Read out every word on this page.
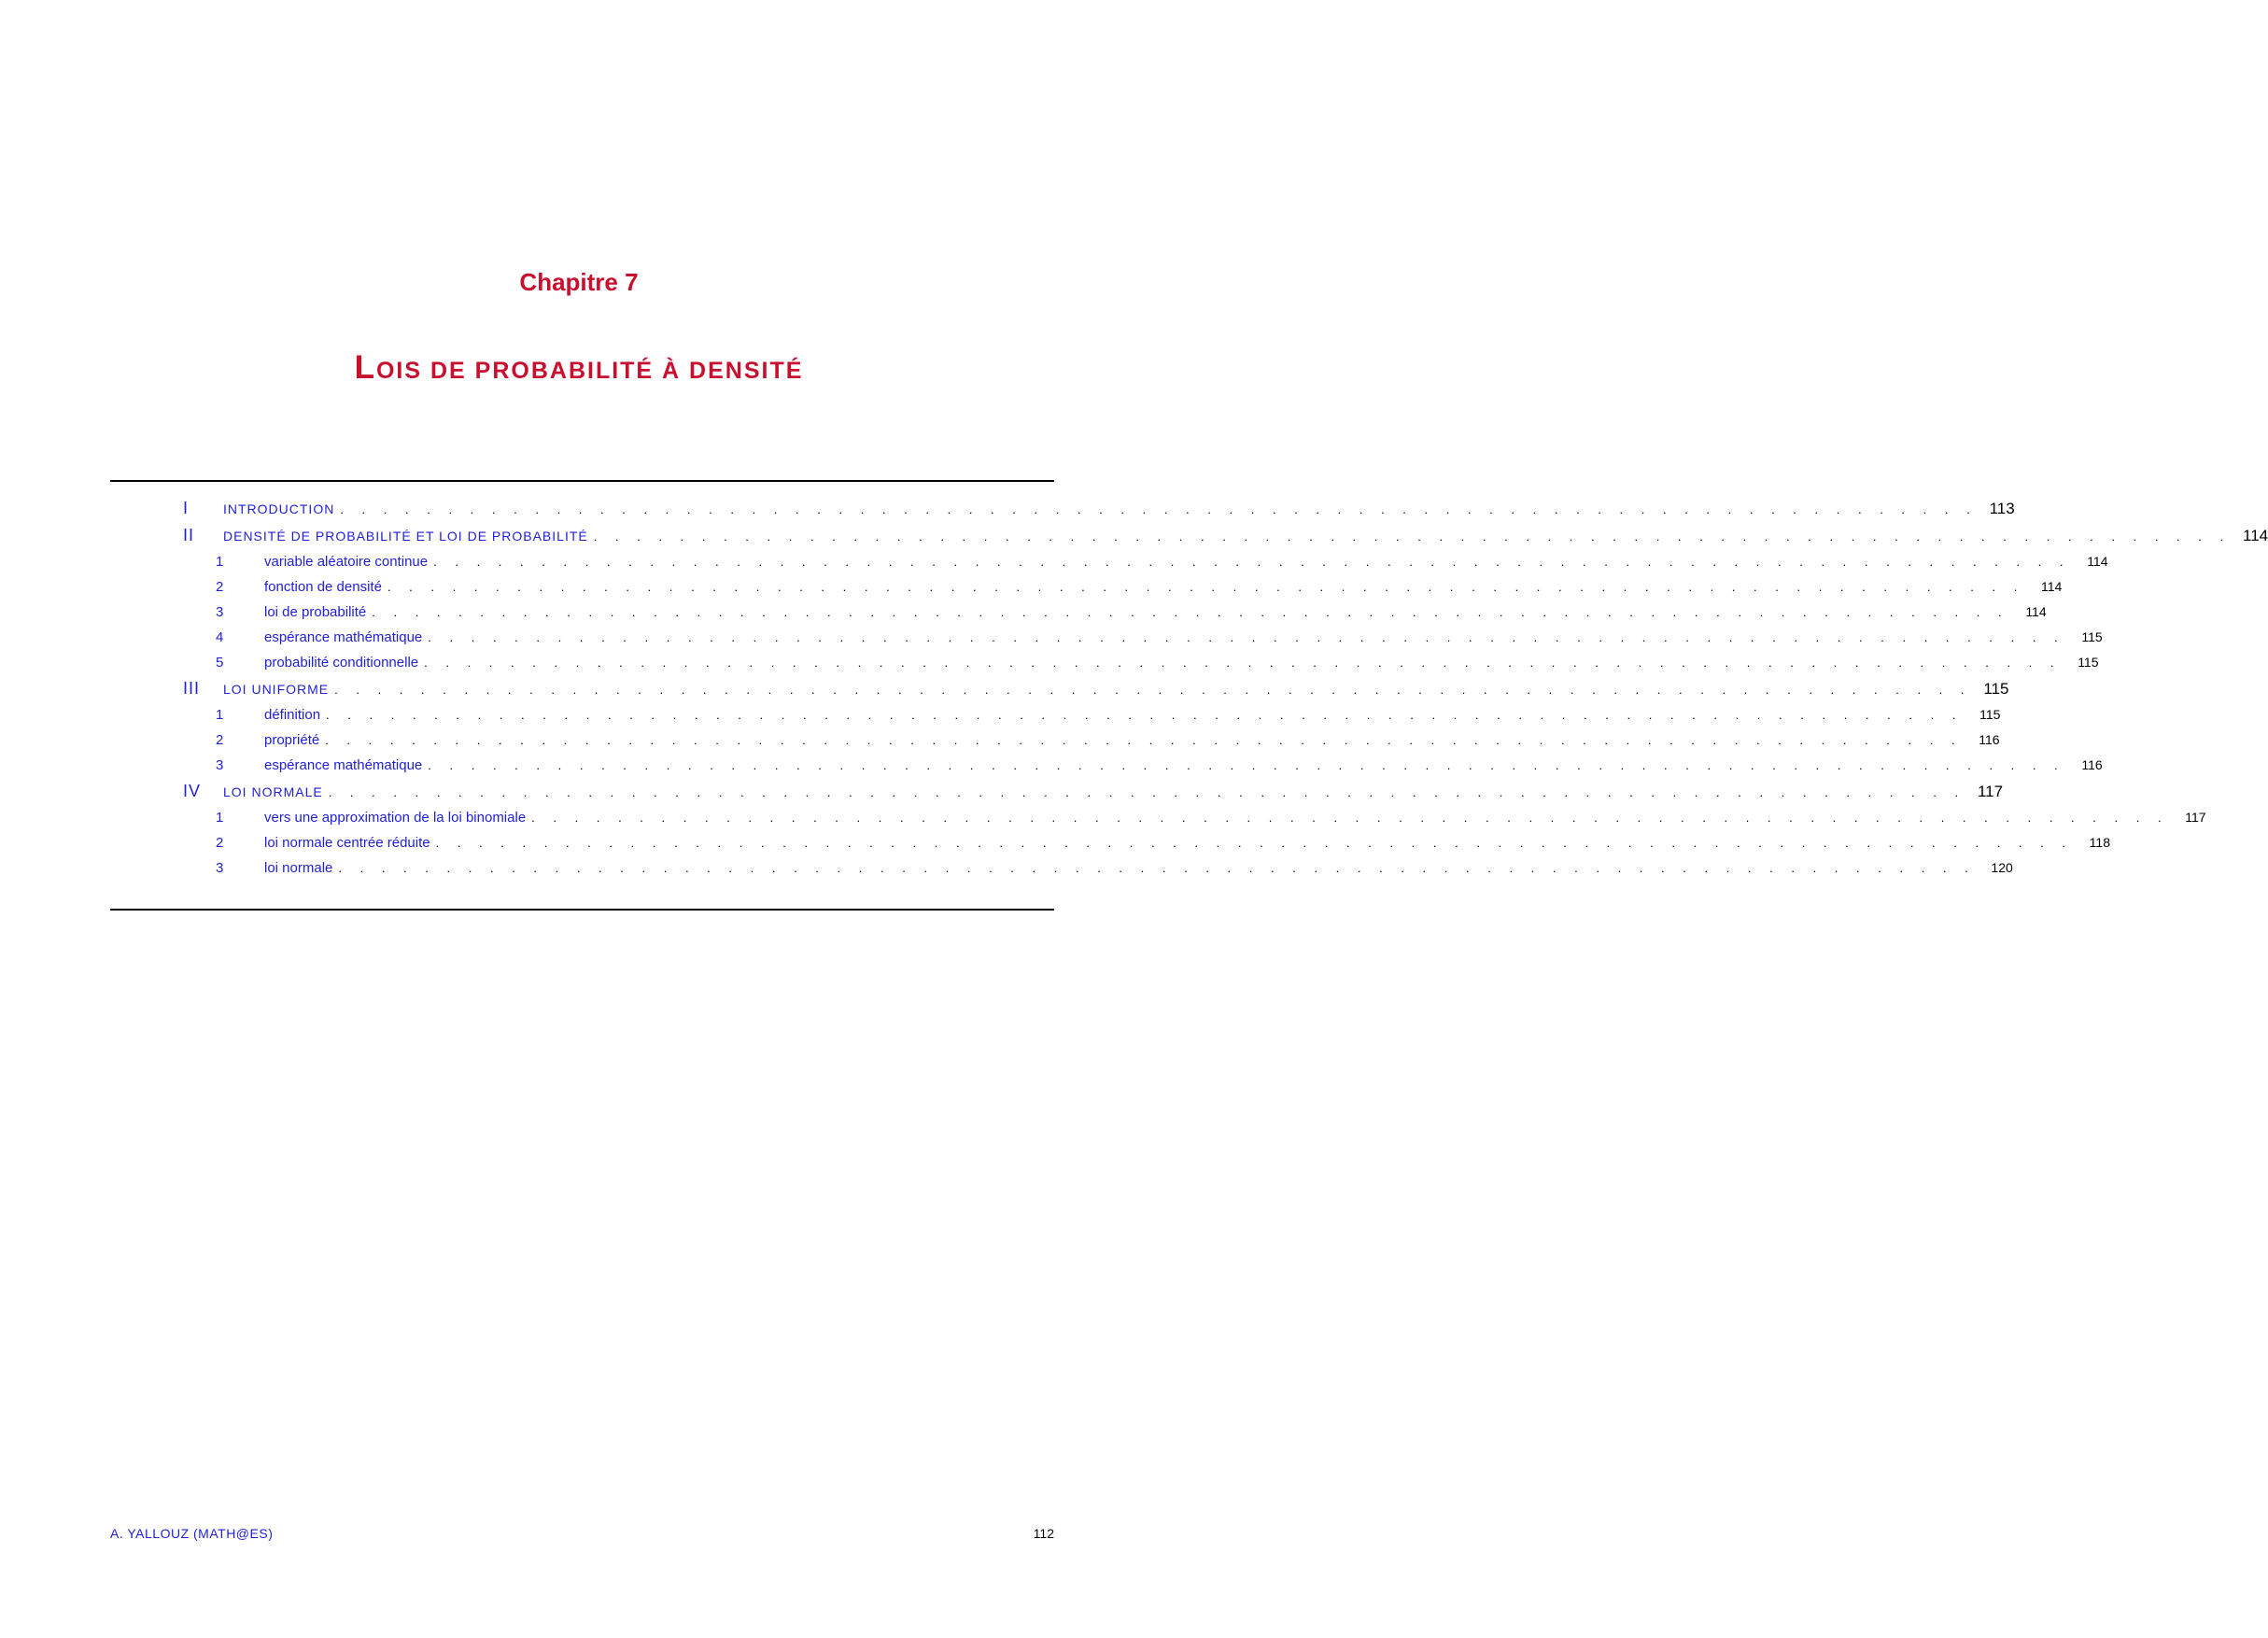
Chapitre 7
LOIS DE PROBABILITÉ À DENSITÉ
I	INTRODUCTION . . . . . . . . . . . . . . . . . . . . . . . . . . . . . . . . . . . . . . . . . . . . . . . . . . . . . . . . . . . . . . . . . . . . . . . . . . . . 113
II DENSITÉ DE PROBABILITÉ ET LOI DE PROBABILITÉ . . . . . . . . . . . . . . . . . . . . . . . . . . . . . . . . . . . . . . . . . . . . . . . . . . . . . . . . . . . . . . . . . . . . . . . . . . . . 114
1	variable aléatoire continue . . . . . . . . . . . . . . . . . . . . . . . . . . . . . . . . . . . . . . . . . . . . . . . . . . . . . . . . . . . . . . . . . . . . . . . . . . . .	114
2	fonction de densité . . . . . . . . . . . . . . . . . . . . . . . . . . . . . . . . . . . . . . . . . . . . . . . . . . . . . . . . . . . . . . . . . . . . . . . . . . . .	114
3	loi de probabilité . . . . . . . . . . . . . . . . . . . . . . . . . . . . . . . . . . . . . . . . . . . . . . . . . . . . . . . . . . . . . . . . . . . . . . . . . . . .	114
4	espérance mathématique . . . . . . . . . . . . . . . . . . . . . . . . . . . . . . . . . . . . . . . . . . . . . . . . . . . . . . . . . . . . . . . . . . . . . . . . . . . .	115
5	probabilité conditionnelle . . . . . . . . . . . . . . . . . . . . . . . . . . . . . . . . . . . . . . . . . . . . . . . . . . . . . . . . . . . . . . . . . . . . . . . . . . . .	115
III LOI UNIFORME . . . . . . . . . . . . . . . . . . . . . . . . . . . . . . . . . . . . . . . . . . . . . . . . . . . . . . . . . . . . . . . . . . . . . . . . . . . . 115
1	définition . . . . . . . . . . . . . . . . . . . . . . . . . . . . . . . . . . . . . . . . . . . . . . . . . . . . . . . . . . . . . . . . . . . . . . . . . . . .	115
2	propriété . . . . . . . . . . . . . . . . . . . . . . . . . . . . . . . . . . . . . . . . . . . . . . . . . . . . . . . . . . . . . . . . . . . . . . . . . . . .	116
3	espérance mathématique . . . . . . . . . . . . . . . . . . . . . . . . . . . . . . . . . . . . . . . . . . . . . . . . . . . . . . . . . . . . . . . . . . . . . . . . . . . .	116
IV LOI NORMALE . . . . . . . . . . . . . . . . . . . . . . . . . . . . . . . . . . . . . . . . . . . . . . . . . . . . . . . . . . . . . . . . . . . . . . . . . . . . 117
1	vers une approximation de la loi binomiale . . . . . . . . . . . . . . . . . . . . . . . . . . . . . . . . . . . . . . . . . . . . . . . . . . . . . . . . . . . . . . . . . . . . . . . . . . . .	117
2	loi normale centrée réduite . . . . . . . . . . . . . . . . . . . . . . . . . . . . . . . . . . . . . . . . . . . . . . . . . . . . . . . . . . . . . . . . . . . . . . . . . . . .	118
3	loi normale . . . . . . . . . . . . . . . . . . . . . . . . . . . . . . . . . . . . . . . . . . . . . . . . . . . . . . . . . . . . . . . . . . . . . . . . . . . .	120
A. YALLOUZ (MATH@ES)	112
